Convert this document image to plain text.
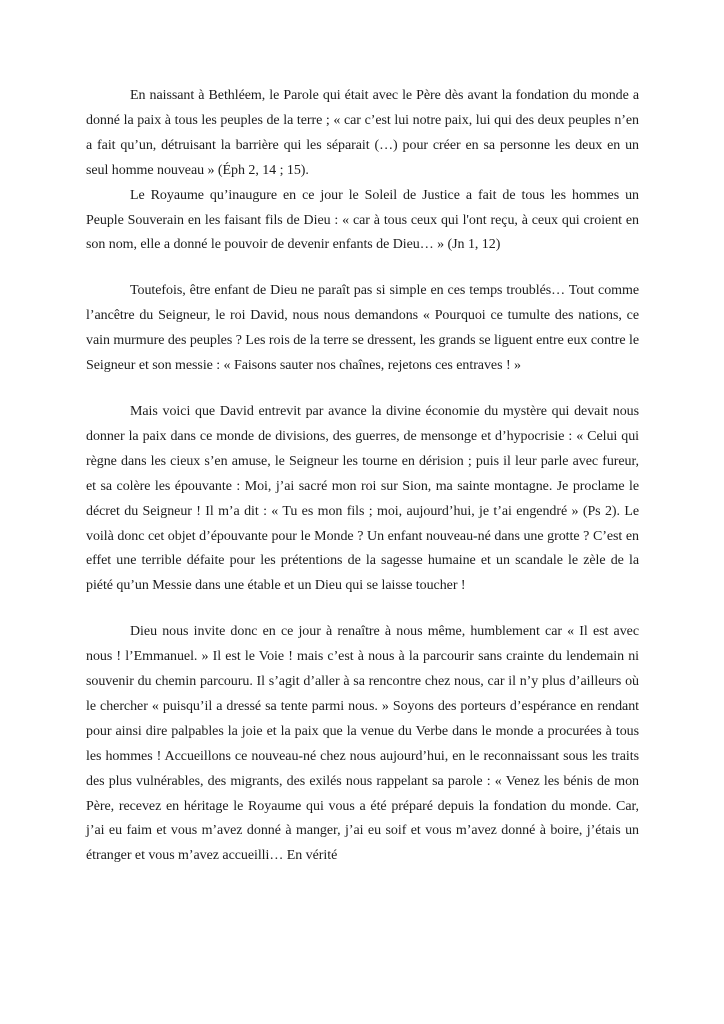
En naissant à Bethléem, le Parole qui était avec le Père dès avant la fondation du monde a donné la paix à tous les peuples de la terre ; « car c’est lui notre paix, lui qui des deux peuples n’en a fait qu’un, détruisant la barrière qui les séparait (…) pour créer en sa personne les deux en un seul homme nouveau » (Éph 2, 14 ; 15).

Le Royaume qu’inaugure en ce jour le Soleil de Justice a fait de tous les hommes un Peuple Souverain en les faisant fils de Dieu : « car à tous ceux qui l'ont reçu, à ceux qui croient en son nom, elle a donné le pouvoir de devenir enfants de Dieu… » (Jn 1, 12)

Toutefois, être enfant de Dieu ne paraît pas si simple en ces temps troublés… Tout comme l’ancêtre du Seigneur, le roi David, nous nous demandons « Pourquoi ce tumulte des nations, ce vain murmure des peuples ? Les rois de la terre se dressent, les grands se liguent entre eux contre le Seigneur et son messie : « Faisons sauter nos chaînes, rejetons ces entraves ! »

Mais voici que David entrevit par avance la divine économie du mystère qui devait nous donner la paix dans ce monde de divisions, des guerres, de mensonge et d’hypocrisie : « Celui qui règne dans les cieux s’en amuse, le Seigneur les tourne en dérision ; puis il leur parle avec fureur, et sa colère les épouvante : Moi, j’ai sacré mon roi sur Sion, ma sainte montagne. Je proclame le décret du Seigneur ! Il m’a dit : « Tu es mon fils ; moi, aujourd’hui, je t’ai engendré » (Ps 2). Le voilà donc cet objet d’épouvante pour le Monde ? Un enfant nouveau-né dans une grotte ? C’est en effet une terrible défaite pour les prétentions de la sagesse humaine et un scandale le zèle de la piété qu’un Messie dans une étable et un Dieu qui se laisse toucher !

Dieu nous invite donc en ce jour à renaître à nous même, humblement car « Il est avec nous ! l’Emmanuel. » Il est le Voie ! mais c’est à nous à la parcourir sans crainte du lendemain ni souvenir du chemin parcouru. Il s’agit d’aller à sa rencontre chez nous, car il n’y plus d’ailleurs où le chercher « puisqu’il a dressé sa tente parmi nous. » Soyons des porteurs d’espérance en rendant pour ainsi dire palpables la joie et la paix que la venue du Verbe dans le monde a procurées à tous les hommes ! Accueillons ce nouveau-né chez nous aujourd’hui, en le reconnaissant sous les traits des plus vulnérables, des migrants, des exilés nous rappelant sa parole : « Venez les bénis de mon Père, recevez en héritage le Royaume qui vous a été préparé depuis la fondation du monde. Car, j’ai eu faim et vous m’avez donné à manger, j’ai eu soif et vous m’avez donné à boire, j’étais un étranger et vous m’avez accueilli… En vérité
